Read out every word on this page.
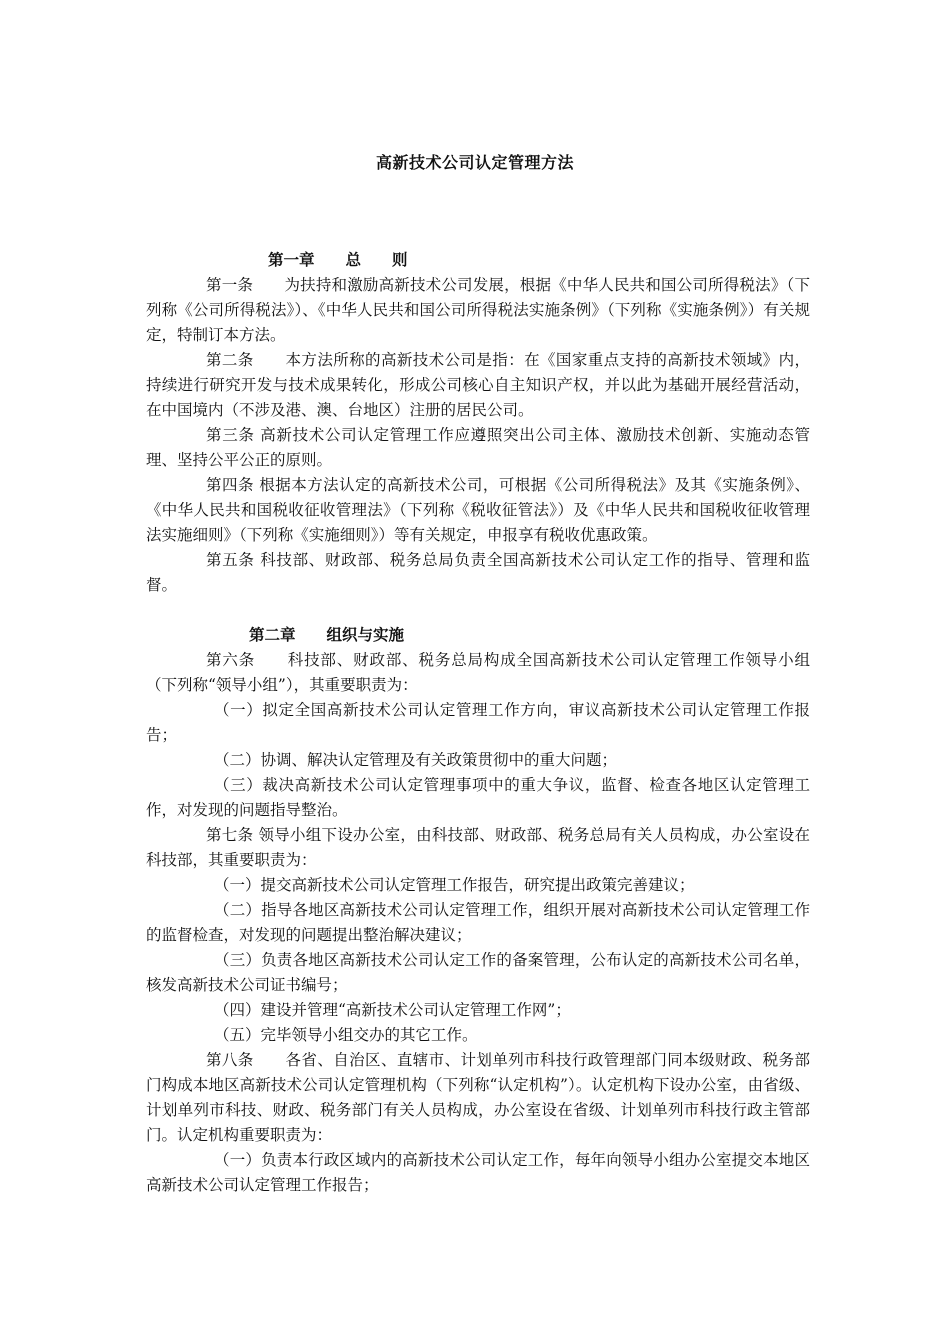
高新技术公司认定管理方法
第一章　　总　　则

第一条　　为扶持和激励高新技术公司发展，根据《中华人民共和国公司所得税法》（下列称《公司所得税法》）、《中华人民共和国公司所得税法实施条例》（下列称《实施条例》）有关规定，特制订本方法。

第二条　　本方法所称的高新技术公司是指：在《国家重点支持的高新技术领域》内，持续进行研究开发与技术成果转化，形成公司核心自主知识产权，并以此为基础开展经营活动，在中国境内（不涉及港、澳、台地区）注册的居民公司。

第三条 高新技术公司认定管理工作应遵照突出公司主体、激励技术创新、实施动态管理、坚持公平公正的原则。

第四条 根据本方法认定的高新技术公司，可根据《公司所得税法》及其《实施条例》、《中华人民共和国税收征收管理法》（下列称《税收征管法》）及《中华人民共和国税收征收管理法实施细则》（下列称《实施细则》）等有关规定，申报享有税收优惠政策。

第五条 科技部、财政部、税务总局负责全国高新技术公司认定工作的指导、管理和监督。

第二章　　组织与实施

第六条　　科技部、财政部、税务总局构成全国高新技术公司认定管理工作领导小组（下列称“领导小组”），其重要职责为：

（一）拟定全国高新技术公司认定管理工作方向，审议高新技术公司认定管理工作报告；

（二）协调、解决认定管理及有关政策贯彻中的重大问题；

（三）裁决高新技术公司认定管理事项中的重大争议，监督、检查各地区认定管理工作，对发现的问题指导整治。

第七条 领导小组下设办公室，由科技部、财政部、税务总局有关人员构成，办公室设在科技部，其重要职责为：

（一）提交高新技术公司认定管理工作报告，研究提出政策完善建议；

（二）指导各地区高新技术公司认定管理工作，组织开展对高新技术公司认定管理工作的监督检查，对发现的问题提出整治解决建议；

（三）负责各地区高新技术公司认定工作的备案管理，公布认定的高新技术公司名单，核发高新技术公司证书编号；

（四）建设并管理“高新技术公司认定管理工作网”；

（五）完毕领导小组交办的其它工作。

第八条　　各省、自治区、直辖市、计划单列市科技行政管理部门同本级财政、税务部门构成本地区高新技术公司认定管理机构（下列称“认定机构”）。认定机构下设办公室，由省级、计划单列市科技、财政、税务部门有关人员构成，办公室设在省级、计划单列市科技行政主管部门。认定机构重要职责为：

（一）负责本行政区域内的高新技术公司认定工作，每年向领导小组办公室提交本地区高新技术公司认定管理工作报告；
